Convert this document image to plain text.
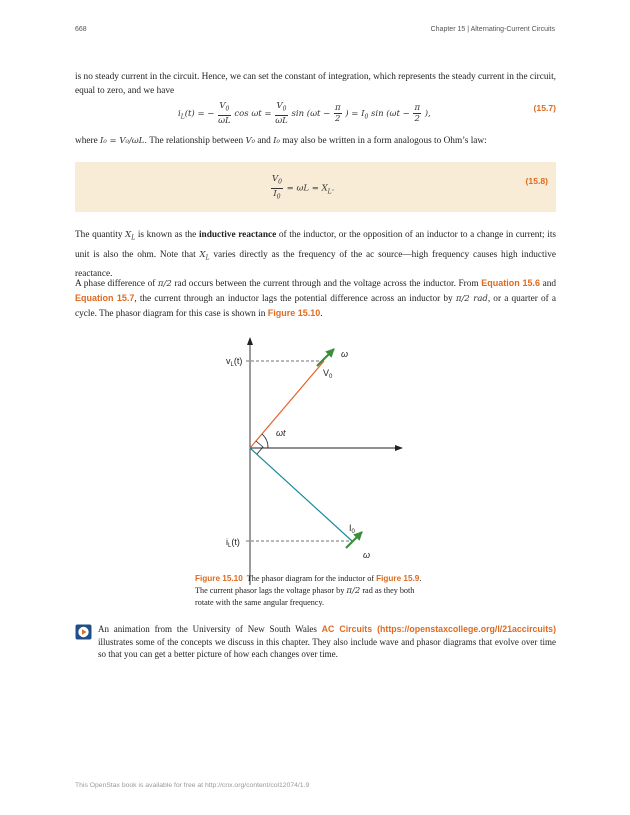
668	Chapter 15 | Alternating-Current Circuits
is no steady current in the circuit. Hence, we can set the constant of integration, which represents the steady current in the circuit, equal to zero, and we have
$i_L(t)$ = − $\frac{V_0}{\omega L}$ $\cos \omega t = \frac{V_0}{\omega L}$ $\sin (\omega t - \frac{\pi}{2}$ ) = $I_0$ $\sin (\omega t - \frac{\pi}{2}$ ),
(15.7)
where I₀ = V₀/ωL. The relationship between V₀ and I₀ may also be written in a form analogous to Ohm’s law:
$\frac{V_0}{I_0} = \omega L = X_L$.
(15.8)
The quantity $X_L$ is known as the inductive reactance of the inductor, or the opposition of an inductor to a change in current; its unit is also the ohm. Note that $X_L$ varies directly as the frequency of the ac source—high frequency causes high inductive reactance.
A phase difference of π/2 rad occurs between the current through and the voltage across the inductor. From Equation 15.6 and Equation 15.7, the current through an inductor lags the potential difference across an inductor by π/2 rad, or a quarter of a cycle. The phasor diagram for this case is shown in Figure 15.10.
$v_L(t)$
$i_L(t)$
$V_0$
$I_0$
ωt
ω
ω
Figure 15.10 The phasor diagram for the inductor of Figure 15.9. The current phasor lags the voltage phasor by π/2 rad as they both rotate with the same angular frequency.
An animation from the University of New South Wales AC Circuits (https://openstaxcollege.org/l/21accircuits) illustrates some of the concepts we discuss in this chapter. They also include wave and phasor diagrams that evolve over time so that you can get a better picture of how each changes over time.
This OpenStax book is available for free at http://cnx.org/content/col12074/1.9
